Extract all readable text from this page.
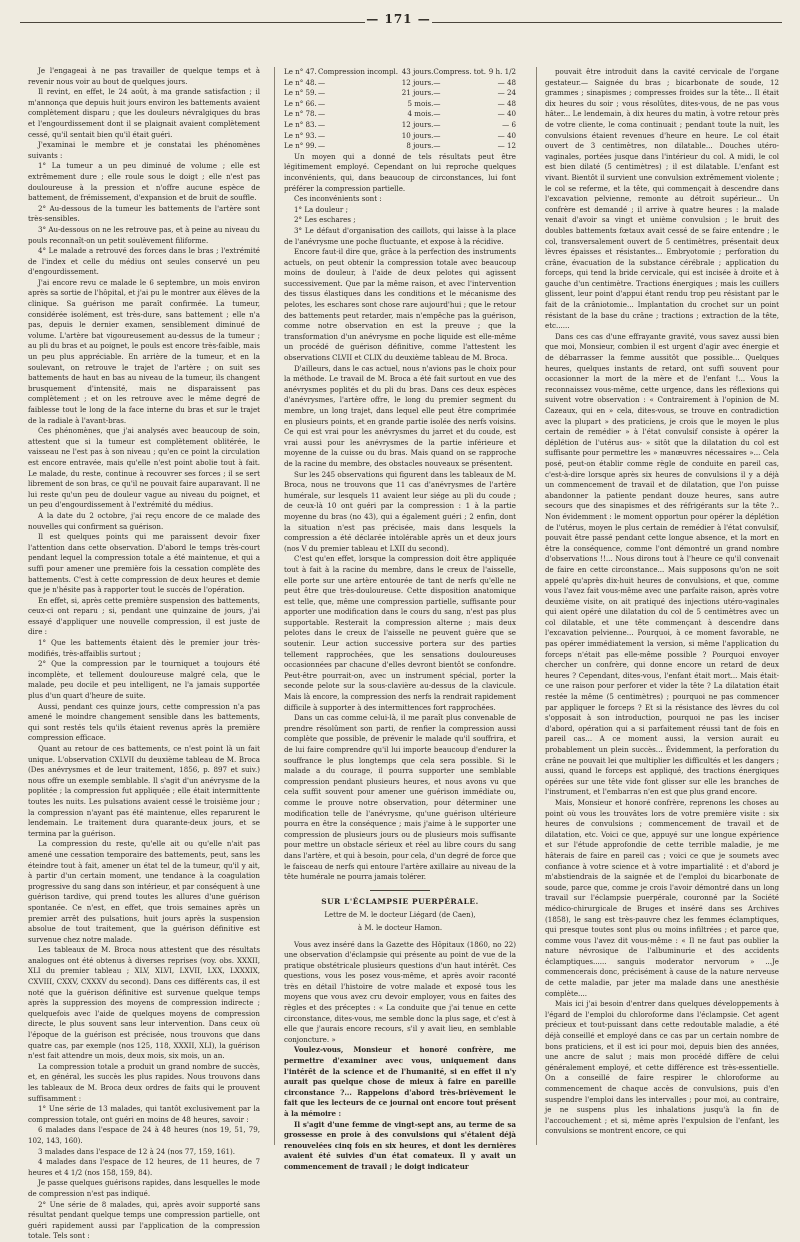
— 171 —

Je l'engageai à ne pas travailler de quelque temps et à revenir nous voir au bout de quelques jours.

Il revint, en effet, le 24 août, à ma grande satisfaction ; il m'annonça que depuis huit jours environ les battements avaient complètement disparu ; que les douleurs névralgiques du bras et l'engourdissement dont il se plaignait avaient complètement cessé, qu'il sentait bien qu'il était guéri.

J'examinai le membre et je constatai les phénomènes suivants :

1° La tumeur a un peu diminué de volume ; elle est extrêmement dure ; elle roule sous le doigt ; elle n'est pas douloureuse à la pression et n'offre aucune espèce de battement, de frémissement, d'expansion et de bruit de souffle.

2° Au-dessous de la tumeur les battements de l'artère sont très-sensibles.

3° Au-dessous on ne les retrouve pas, et à peine au niveau du pouls reconnaît-on un petit soulèvement filiforme.

4° Le malade a retrouvé des forces dans le bras ; l'extrémité de l'index et celle du médius ont seules conservé un peu d'engourdissement.

J'ai encore revu ce malade le 6 septembre, un mois environ après sa sortie de l'hôpital, et j'ai pu le montrer aux élèves de la clinique. Sa guérison me paraît confirmée. La tumeur, considérée isolément, est très-dure, sans battement ; elle n'a pas, depuis le dernier examen, sensiblement diminué de volume. L'artère bat vigoureusement au-dessus de la tumeur ; au pli du bras et au poignet, le pouls est encore très-faible, mais un peu plus appréciable. En arrière de la tumeur, et en la soulevant, on retrouve le trajet de l'artère ; on suit ses battements de haut en bas au niveau de la tumeur, ils changent brusquement d'intensité, mais ne disparaissent pas complètement ; et on les retrouve avec le même degré de faiblesse tout le long de la face interne du bras et sur le trajet de la radiale à l'avant-bras.

Ces phénomènes, que j'ai analysés avec beaucoup de soin, attestent que si la tumeur est complètement oblitérée, le vaisseau ne l'est pas à son niveau ; qu'en ce point la circulation est encore entravée, mais qu'elle n'est point abolie tout à fait. Le malade, du reste, continue à recouvrer ses forces ; il se sert librement de son bras, ce qu'il ne pouvait faire auparavant. Il ne lui reste qu'un peu de douleur vague au niveau du poignet, et un peu d'engourdissement à l'extrémité du médius.

A la date du 2 octobre, j'ai reçu encore de ce malade des nouvelles qui confirment sa guérison.

Il est quelques points qui me paraissent devoir fixer l'attention dans cette observation. D'abord le temps très-court pendant lequel la compression totale a été maintenue, et qui a suffi pour amener une première fois la cessation complète des battements. C'est à cette compression de deux heures et demie que je n'hésite pas à rapporter tout le succès de l'opération.

En effet, si, après cette première suspension des battements, ceux-ci ont reparu ; si, pendant une quinzaine de jours, j'ai essayé d'appliquer une nouvelle compression, il est juste de dire :

1° Que les battements étaient dès le premier jour très-modifiés, très-affaiblis surtout ;

2° Que la compression par le tourniquet a toujours été incomplète, et tellement douloureuse malgré cela, que le malade, peu docile et peu intelligent, ne l'a jamais supportée plus d'un quart d'heure de suite.

Aussi, pendant ces quinze jours, cette compression n'a pas amené le moindre changement sensible dans les battements, qui sont restés tels qu'ils étaient revenus après la première compression efficace.

Quant au retour de ces battements, ce n'est point là un fait unique. L'observation CXLVII du deuxième tableau de M. Broca (Des anévrysmes et de leur traitement, 1856, p. 897 et suiv.) nous offre un exemple semblable. Il s'agit d'un anévrysme de la poplitée ; la compression fut appliquée ; elle était intermittente toutes les nuits. Les pulsations avaient cessé le troisième jour ; la compression n'ayant pas été maintenue, elles reparurent le lendemain. Le traitement dura quarante-deux jours, et se termina par la guérison.

La compression du reste, qu'elle ait ou qu'elle n'ait pas amené une cessation temporaire des battements, peut, sans les éteindre tout à fait, amener un état tel de la tumeur, qu'il y ait, à partir d'un certain moment, une tendance à la coagulation progressive du sang dans son intérieur, et par conséquent à une guérison tardive, qui prend toutes les allures d'une guérison spontanée. Ce n'est, en effet, que trois semaines après un premier arrêt des pulsations, huit jours après la suspension absolue de tout traitement, que la guérison définitive est survenue chez notre malade.

Les tableaux de M. Broca nous attestent que des résultats analogues ont été obtenus à diverses reprises (voy. obs. XXXII, XLI du premier tableau ; XLV, XLVI, LXVII, LXX, LXXXIX, CXVIII, CXXV, CXXXV du second). Dans ces différents cas, il est noté que la guérison définitive est survenue quelque temps après la suppression des moyens de compression indirecte ; quelquefois avec l'aide de quelques moyens de compression directe, le plus souvent sans leur intervention. Dans ceux où l'époque de la guérison est précisée, nous trouvons que dans quatre cas, par exemple (nos 125, 118, XXXII, XLI), la guérison n'est fait attendre un mois, deux mois, six mois, un an.

La compression totale a produit un grand nombre de succès, et, en général, les succès les plus rapides. Nous trouvons dans les tableaux de M. Broca deux ordres de faits qui le prouvent suffisamment :

1° Une série de 13 malades, qui tantôt exclusivement par la compression totale, ont guéri en moins de 48 heures, savoir :

6 malades dans l'espace de 24 à 48 heures (nos 19, 51, 79, 102, 143, 160).

3 malades dans l'espace de 12 à 24 (nos 77, 159, 161).

4 malades dans l'espace de 12 heures, de 11 heures, de 7 heures et 4 1/2 (nos 158, 159, 84).

Je passe quelques guérisons rapides, dans lesquelles le mode de compression n'est pas indiqué.

2° Une série de 8 malades, qui, après avoir supporté sans résultat pendant quelque temps une compression partielle, ont guéri rapidement aussi par l'application de la compression totale. Tels sont :

Le n° 47.	Compression incompl.	43 jours.	Compress. tot.	9 h. 1/2
Le n° 48.	—	12 jours.	—	— 48
Le n° 59.	—	21 jours.	—	— 24
Le n° 66.	—	5 mois.	—	— 48
Le n° 78.	—	4 mois.	—	— 40
Le n° 83.	—	12 jours.	—	— 6
Le n° 93.	—	10 jours.	—	— 40
Le n° 99.	—	8 jours.	—	— 12

Un moyen qui a donné de tels résultats peut être légitimement employé. Cependant on lui reproche quelques inconvénients, qui, dans beaucoup de circonstances, lui font préférer la compression partielle.

Ces inconvénients sont :

1° La douleur ;

2° Les eschares ;

3° Le défaut d'organisation des caillots, qui laisse à la place de l'anévrysme une poche fluctuante, et expose à la récidive.

Encore faut-il dire que, grâce à la perfection des instruments actuels, on peut obtenir la compression totale avec beaucoup moins de douleur, à l'aide de deux pelotes qui agissent successivement. Que par la même raison, et avec l'intervention des tissus élastiques dans les conditions et le mécanisme des pelotes, les eschares sont chose rare aujourd'hui ; que le retour des battements peut retarder, mais n'empêche pas la guérison, comme notre observation en est la preuve ; que la transformation d'un anévrysme en poche liquide est elle-même un procédé de guérison définitive, comme l'attestent les observations CLVII et CLIX du deuxième tableau de M. Broca.

D'ailleurs, dans le cas actuel, nous n'avions pas le choix pour la méthode. Le travail de M. Broca a été fait surtout en vue des anévrysmes poplités et du pli du bras. Dans ces deux espèces d'anévrysmes, l'artère offre, le long du premier segment du membre, un long trajet, dans lequel elle peut être comprimée en plusieurs points, et en grande partie isolée des nerfs voisins. Ce qui est vrai pour les anévrysmes du jarret et du coude, est vrai aussi pour les anévrysmes de la partie inférieure et moyenne de la cuisse ou du bras. Mais quand on se rapproche de la racine du membre, des obstacles nouveaux se présentent.

Sur les 245 observations qui figurent dans les tableaux de M. Broca, nous ne trouvons que 11 cas d'anévrysmes de l'artère humérale, sur lesquels 11 avaient leur siége au pli du coude ; de ceux-là 10 ont guéri par la compression : 1 à la partie moyenne du bras (no 43), qui a également guéri ; 2 enfin, dont la situation n'est pas précisée, mais dans lesquels la compression a été déclarée intolérable après un et deux jours (nos V du premier tableau et LXII du second).

C'est qu'en effet, lorsque la compression doit être appliquée tout à fait à la racine du membre, dans le creux de l'aisselle, elle porte sur une artère entourée de tant de nerfs qu'elle ne peut être que très-douloureuse. Cette disposition anatomique est telle, que, même une compression partielle, suffisante pour apporter une modification dans le cours du sang, n'est pas plus supportable. Resterait la compression alterne ; mais deux pelotes dans le creux de l'aisselle ne peuvent guère que se soutenir. Leur action successive portera sur des parties tellement rapprochées, que les sensations douloureuses occasionnées par chacune d'elles devront bientôt se confondre. Peut-être pourrait-on, avec un instrument spécial, porter la seconde pelote sur la sous-clavière au-dessus de la clavicule. Mais là encore, la compression des nerfs la rendrait rapidement difficile à supporter à des intermittences fort rapprochées.

Dans un cas comme celui-là, il me paraît plus convenable de prendre résolûment son parti, de renfier la compression aussi complète que possible, de prévenir le malade qu'il souffrira, et de lui faire comprendre qu'il lui importe beaucoup d'endurer la souffrance le plus longtemps que cela sera possible. Si le malade a du courage, il pourra supporter une semblable compression pendant plusieurs heures, et nous avons vu que cela suffit souvent pour amener une guérison immédiate ou, comme le prouve notre observation, pour déterminer une modification telle de l'anévrysme, qu'une guérison ultérieure pourra en être la conséquence ; mais j'aime à le supporter une compression de plusieurs jours ou de plusieurs mois suffisante pour mettre un obstacle sérieux et réel au libre cours du sang dans l'artère, et qui à besoin, pour cela, d'un degré de force que le faisceau de nerfs qui entoure l'artère axillaire au niveau de la tête humérale ne pourra jamais tolérer.

SUR L'ÉCLAMPSIE PUERPÉRALE.
Lettre de M. le docteur Liégard (de Caen),
à M. le docteur Hamon.

Vous avez inséré dans la Gazette des Hôpitaux (1860, no 22) une observation d'éclampsie qui présente au point de vue de la pratique obstétricale plusieurs questions d'un haut intérêt. Ces questions, vous les posez vous-même, et après avoir raconté très en détail l'histoire de votre malade et exposé tous les moyens que vous avez cru devoir employer, vous en faites des règles et des préceptes : « La conduite que j'ai tenue en cette circonstance, dites-vous, me semble donc la plus sage, et c'est à elle que j'aurais encore recours, s'il y avait lieu, en semblable conjoncture. »

Voulez-vous, Monsieur et honoré confrère, me permettre d'examiner avec vous, uniquement dans l'intérêt de la science et de l'humanité, si en effet il n'y aurait pas quelque chose de mieux à faire en pareille circonstance ?... Rappelons d'abord très-brièvement le fait que les lecteurs de ce journal ont encore tout présent à la mémoire :

Il s'agit d'une femme de vingt-sept ans, au terme de sa grossesse en proie à des convulsions qui s'étaient déjà renouvelées cinq fois en six heures, et dont les dernières avaient été suivies d'un état comateux. Il y avait un commencement de travail ; le doigt indicateur

pouvait être introduit dans la cavité cervicale de l'organe gestateur.— Saignée du bras ; bicarbonate de soude, 12 grammes ; sinapismes ; compresses froides sur la tête... Il était dix heures du soir ; vous résolûtes, dites-vous, de ne pas vous hâter... Le lendemain, à dix heures du matin, à votre retour près de votre cliente, le coma continuait ; pendant toute la nuit, les convulsions étaient revenues d'heure en heure. Le col était ouvert de 3 centimètres, non dilatable... Douches utéro-vaginales, portées jusque dans l'intérieur du col. A midi, le col est bien dilaté (5 centimètres) ; il est dilatable. L'enfant est vivant. Bientôt il survient une convulsion extrêmement violente ; le col se referme, et la tête, qui commençait à descendre dans l'excavation pelvienne, remonte au détroit supérieur... Un confrère est demandé ; il arrive à quatre heures : la malade venait d'avoir sa vingt et unième convulsion ; le bruit des doubles battements fœtaux avait cessé de se faire entendre ; le col, transversalement ouvert de 5 centimètres, présentait deux lèvres épaisses et résistantes... Embryotomie ; perforation du crâne, évacuation de la substance cérébrale ; application du forceps, qui tend la bride cervicale, qui est incisée à droite et à gauche d'un centimètre. Tractions énergiques ; mais les cuillers glissent, leur point d'appui étant rendu trop peu résistant par le fait de la crâniotomie... Implantation du crochet sur un point résistant de la base du crâne ; tractions ; extraction de la tête, etc......

Dans ces cas d'une effrayante gravité, vous savez aussi bien que moi, Monsieur, combien il est urgent d'agir avec énergie et de débarrasser la femme aussitôt que possible... Quelques heures, quelques instants de retard, ont suffi souvent pour occasionner la mort de la mère et de l'enfant !... Vous la reconnaissez vous-même, cette urgence, dans les réflexions qui suivent votre observation : « Contrairement à l'opinion de M. Cazeaux, qui en » cela, dites-vous, se trouve en contradiction avec la plupart » des praticiens, je crois que le moyen le plus certain de remédier » à l'état convulsif consiste à opérer la déplétion de l'utérus aus- » sitôt que la dilatation du col est suffisante pour permettre les » manœuvres nécessaires »... Cela posé, peut-on établir comme règle de conduite en pareil cas, c'est-à-dire lorsque après six heures de convulsions il y a déjà un commencement de travail et de dilatation, que l'on puisse abandonner la patiente pendant douze heures, sans autre secours que des sinapismes et des réfrigérants sur la tête ?.. Non évidemment : le moment opportun pour opérer la déplétion de l'utérus, moyen le plus certain de remédier à l'état convulsif, pouvait être passé pendant cette longue absence, et la mort en être la conséquence, comme l'ont démontré un grand nombre d'observations !!... Nous dirons tout à l'heure ce qu'il convenait de faire en cette circonstance... Mais supposons qu'on ne soit appelé qu'après dix-huit heures de convulsions, et que, comme vous l'avez fait vous-même avec une parfaite raison, après votre deuxième visite, on ait pratiqué des injections utéro-vaginales qui aient opéré une dilatation du col de 5 centimètres avec un col dilatable, et une tête commençant à descendre dans l'excavation pelvienne... Pourquoi, à ce moment favorable, ne pas opérer immédiatement la version, si même l'application du forceps n'était pas elle-même possible ? Pourquoi envoyer chercher un confrère, qui donne encore un retard de deux heures ? Cependant, dites-vous, l'enfant était mort... Mais était-ce une raison pour perforer et vider la tête ? La dilatation était restée la même (5 centimètres) ; pourquoi ne pas commencer par appliquer le forceps ? Et si la résistance des lèvres du col s'opposait à son introduction, pourquoi ne pas les inciser d'abord, opération qui a si parfaitement réussi tant de fois en pareil cas... A ce moment aussi, la version aurait eu probablement un plein succès... Évidemment, la perforation du crâne ne pouvait lei que multiplier les difficultés et les dangers ; aussi, quand le forceps est appliqué, des tractions énergiques opérées sur une tête vide font glisser sur elle les branches de l'instrument, et l'embarras n'en est que plus grand encore.

Mais, Monsieur et honoré confrère, reprenons les choses au point où vous les trouvâtes lors de votre première visite : six heures de convulsions ; commencement de travail et de dilatation, etc. Voici ce que, appuyé sur une longue expérience et sur l'étude approfondie de cette terrible maladie, je me hâterais de faire en pareil cas ; voici ce que je soumets avec confiance à votre science et à votre impartialité : et d'abord je m'abstiendrais de la saignée et de l'emploi du bicarbonate de soude, parce que, comme je crois l'avoir démontré dans un long travail sur l'éclampsie puerpérale, couronné par la Société médico-chirurgicale de Bruges et inséré dans ses Archives (1858), le sang est très-pauvre chez les femmes éclamptiques, qui presque toutes sont plus ou moins infiltrées ; et parce que, comme vous l'avez dit vous-même : « Il ne faut pas oublier la nature névrosique de l'albuminurie et des accidents éclamptiques...... sanguis moderator nervorum » ...Je commencerais donc, précisément à cause de la nature nerveuse de cette maladie, par jeter ma malade dans une anesthésie complète....

Mais ici j'ai besoin d'entrer dans quelques développements à l'égard de l'emploi du chloroforme dans l'éclampsie. Cet agent précieux et tout-puissant dans cette redoutable maladie, a été déjà conseillé et employé dans ce cas par un certain nombre de bons praticiens, et il est ici pour moi, depuis bien des années, une ancre de salut ; mais mon procédé diffère de celui généralement employé, et cette différence est très-essentielle. On a conseillé de faire respirer le chloroforme au commencement de chaque accès de convulsions, puis d'en suspendre l'emploi dans les intervalles ; pour moi, au contraire, je ne suspens plus les inhalations jusqu'à la fin de l'accouchement ; et si, même après l'expulsion de l'enfant, les convulsions se montrent encore, ce qui
